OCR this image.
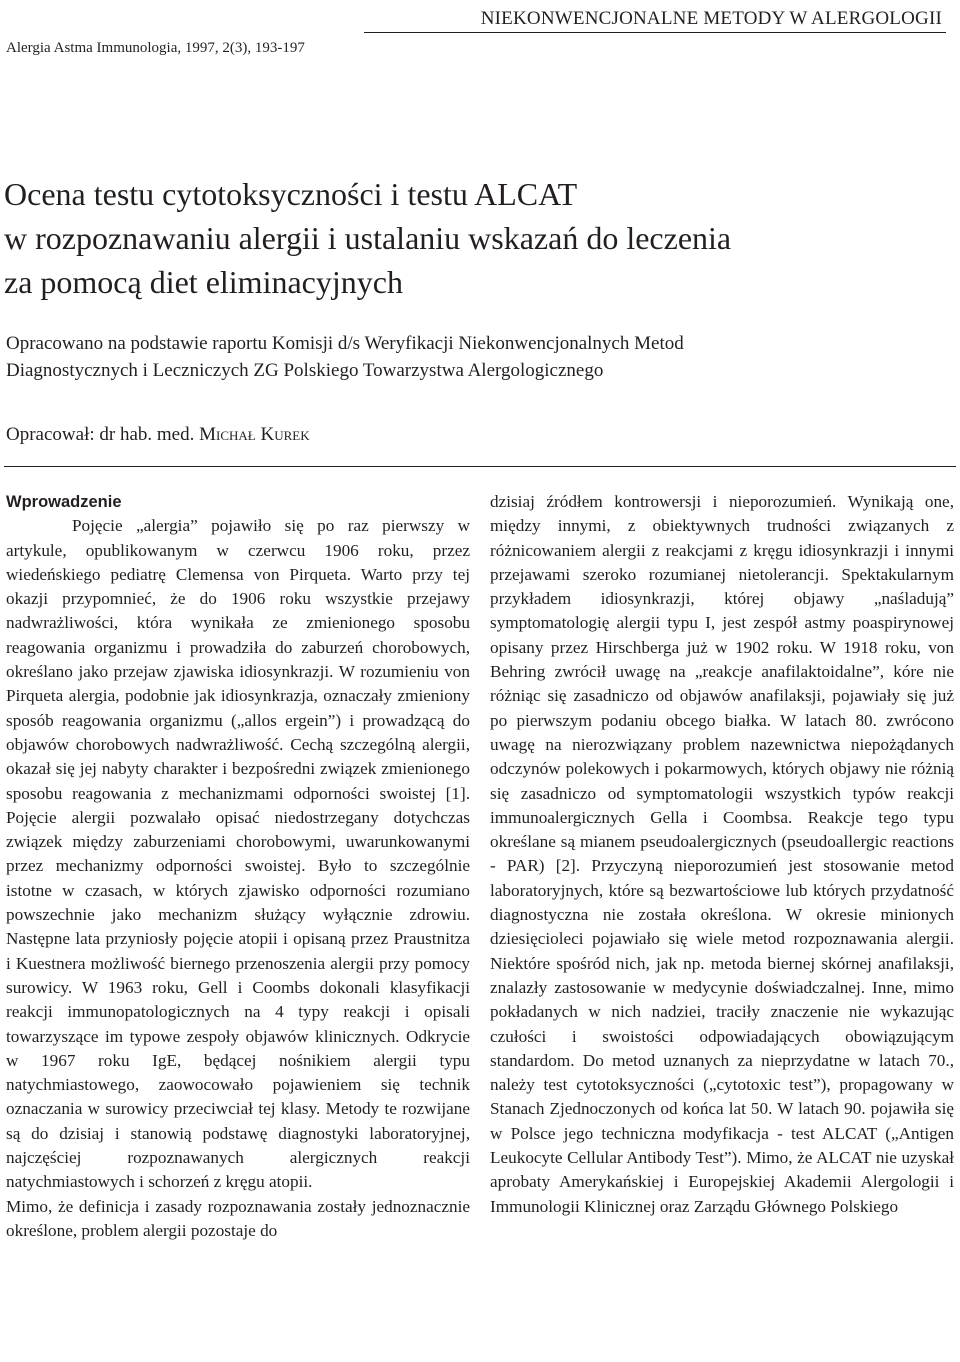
NIEKONWENCJONALNE METODY W ALERGOLOGII
Alergia Astma Immunologia, 1997, 2(3), 193-197
Ocena testu cytotoksyczności i testu ALCAT
w rozpoznawaniu alergii i ustalaniu wskazań do leczenia
za pomocą diet eliminacyjnych
Opracowano na podstawie raportu Komisji d/s Weryfikacji Niekonwencjonalnych Metod
Diagnostycznych i Leczniczych ZG Polskiego Towarzystwa Alergologicznego
Opracował: dr hab. med. Michał Kurek
Wprowadzenie

Pojęcie „alergia” pojawiło się po raz pierwszy w artykule, opublikowanym w czerwcu 1906 roku, przez wiedeńskiego pediatrę Clemensa von Pirqueta. Warto przy tej okazji przypomnieć, że do 1906 roku wszystkie przejawy nadwrażliwości, która wynikała ze zmienionego sposobu reagowania organizmu i prowadziła do zaburzeń chorobowych, określano jako przejaw zjawiska idiosynkrazji. W rozumieniu von Pirqueta alergia, podobnie jak idiosynkrazja, oznaczały zmieniony sposób reagowania organizmu („allos ergein”) i prowadzącą do objawów chorobowych nadwrażliwość. Cechą szczególną alergii, okazał się jej nabyty charakter i bezpośredni związek zmienionego sposobu reagowania z mechanizmami odporności swoistej [1]. Pojęcie alergii pozwalało opisać niedostrzegany dotychczas związek między zaburzeniami chorobowymi, uwarunkowanymi przez mechanizmy odporności swoistej. Było to szczególnie istotne w czasach, w których zjawisko odporności rozumiano powszechnie jako mechanizm służący wyłącznie zdrowiu. Następne lata przyniosły pojęcie atopii i opisaną przez Praustnitza i Kuestnera możliwość biernego przenoszenia alergii przy pomocy surowicy. W 1963 roku, Gell i Coombs dokonali klasyfikacji reakcji immunopatologicznych na 4 typy reakcji i opisali towarzyszące im typowe zespoły objawów klinicznych. Odkrycie w 1967 roku IgE, będącej nośnikiem alergii typu natychmiastowego, zaowocowało pojawieniem się technik oznaczania w surowicy przeciwciał tej klasy. Metody te rozwijane są do dzisiaj i stanowią podstawę diagnostyki laboratoryjnej, najczęściej rozpoznawanych alergicznych reakcji natychmiastowych i schorzeń z kręgu atopii.

Mimo, że definicja i zasady rozpoznawania zostały jednoznacznie określone, problem alergii pozostaje do

dzisiaj źródłem kontrowersji i nieporozumień. Wynikają one, między innymi, z obiektywnych trudności związanych z różnicowaniem alergii z reakcjami z kręgu idiosynkrazji i innymi przejawami szeroko rozumianej nietolerancji. Spektakularnym przykładem idiosynkrazji, której objawy „naśladują” symptomatologię alergii typu I, jest zespół astmy poaspirynowej opisany przez Hirschberga już w 1902 roku. W 1918 roku, von Behring zwrócił uwagę na „reakcje anafilaktoidalne”, kóre nie różniąc się zasadniczo od objawów anafilaksji, pojawiały się już po pierwszym podaniu obcego białka. W latach 80. zwrócono uwagę na nierozwiązany problem nazewnictwa niepożądanych odczynów polekowych i pokarmowych, których objawy nie różnią się zasadniczo od symptomatologii wszystkich typów reakcji immunoalergicznych Gella i Coombsa. Reakcje tego typu określane są mianem pseudoalergicznych (pseudoallergic reactions - PAR) [2]. Przyczyną nieporozumień jest stosowanie metod laboratoryjnych, które są bezwartościowe lub których przydatność diagnostyczna nie została określona. W okresie minionych dziesięcioleci pojawiało się wiele metod rozpoznawania alergii. Niektóre spośród nich, jak np. metoda biernej skórnej anafilaksji, znalazły zastosowanie w medycynie doświadczalnej. Inne, mimo pokładanych w nich nadziei, traciły znaczenie nie wykazując czułości i swoistości odpowiadających obowiązującym standardom. Do metod uznanych za nieprzydatne w latach 70., należy test cytotoksyczności („cytotoxic test”), propagowany w Stanach Zjednoczonych od końca lat 50. W latach 90. pojawiła się w Polsce jego techniczna modyfikacja - test ALCAT („Antigen Leukocyte Cellular Antibody Test”). Mimo, że ALCAT nie uzyskał aprobaty Amerykańskiej i Europejskiej Akademii Alergologii i Immunologii Klinicznej oraz Zarządu Głównego Polskiego
